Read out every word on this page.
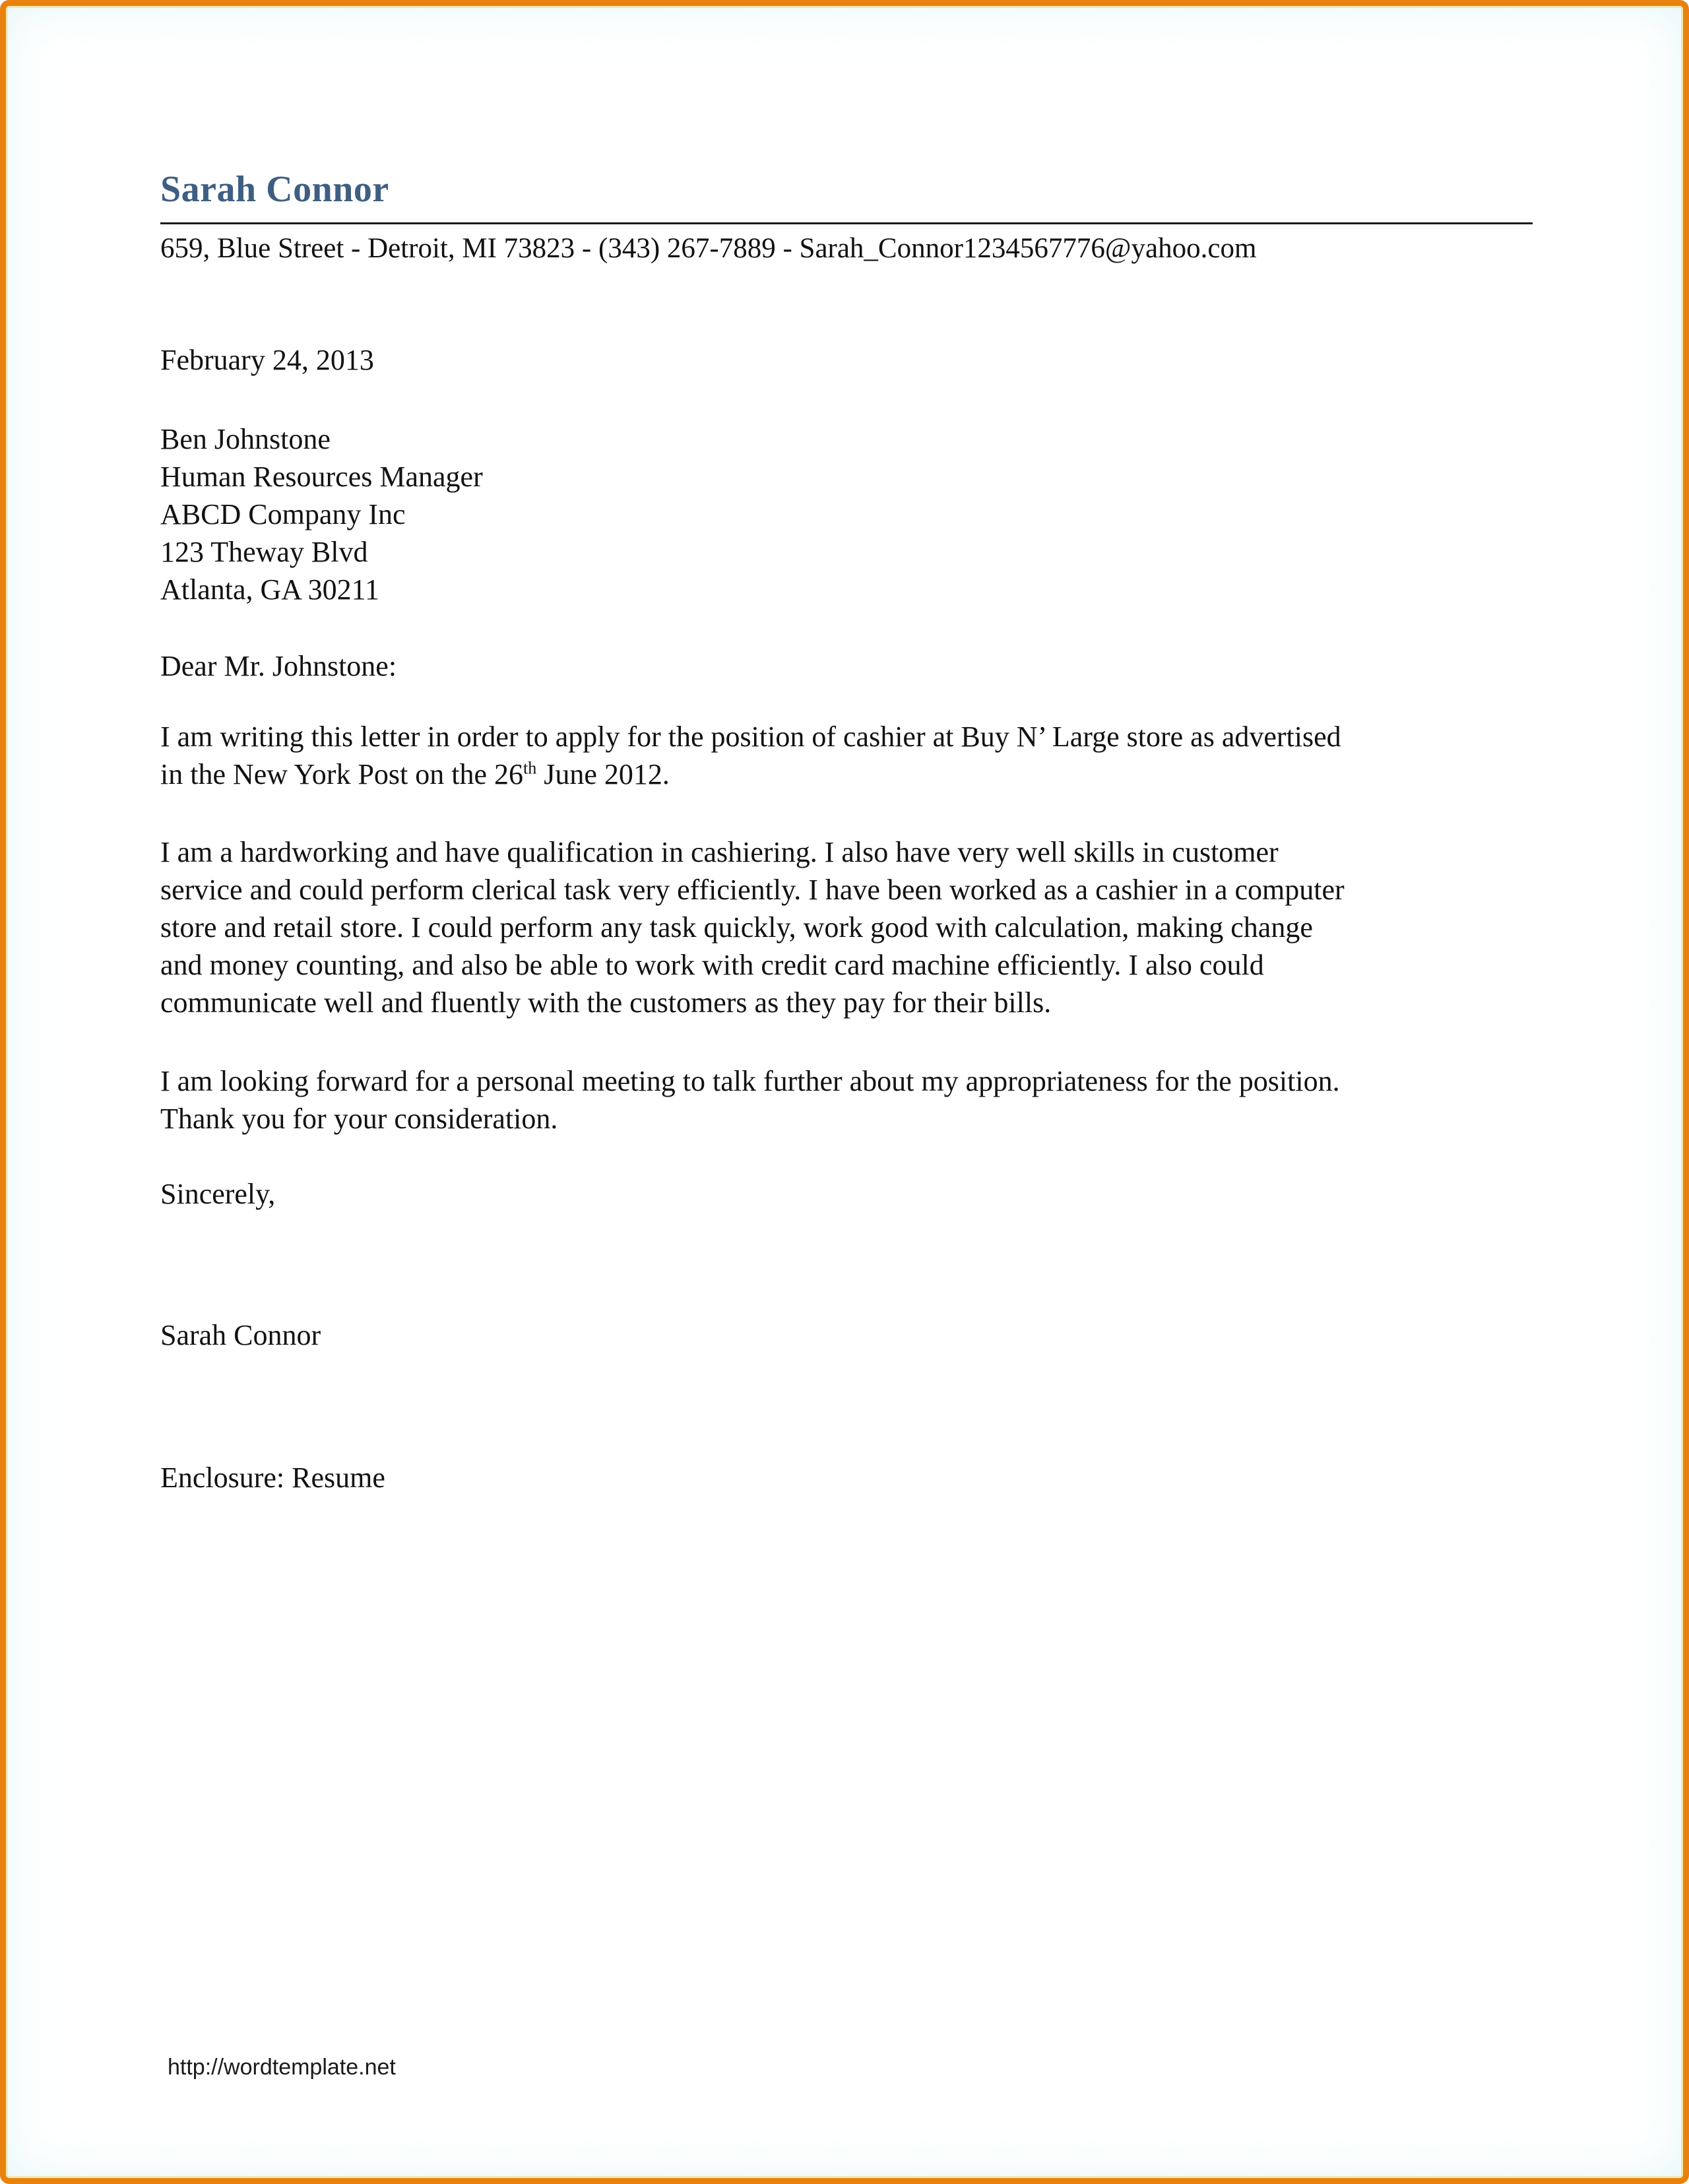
Sarah Connor
659, Blue Street - Detroit, MI 73823 - (343) 267-7889 - Sarah_Connor1234567776@yahoo.com
February 24, 2013
Ben Johnstone
Human Resources Manager
ABCD Company Inc
123 Theway Blvd
Atlanta, GA 30211
Dear Mr. Johnstone:
I am writing this letter in order to apply for the position of cashier at Buy N’ Large store as advertised
in the New York Post on the 26th June 2012.
I am a hardworking and have qualification in cashiering. I also have very well skills in customer
service and could perform clerical task very efficiently. I have been worked as a cashier in a computer
store and retail store. I could perform any task quickly, work good with calculation, making change
and money counting, and also be able to work with credit card machine efficiently. I also could
communicate well and fluently with the customers as they pay for their bills.
I am looking forward for a personal meeting to talk further about my appropriateness for the position.
Thank you for your consideration.
Sincerely,
Sarah Connor
Enclosure: Resume
http://wordtemplate.net
